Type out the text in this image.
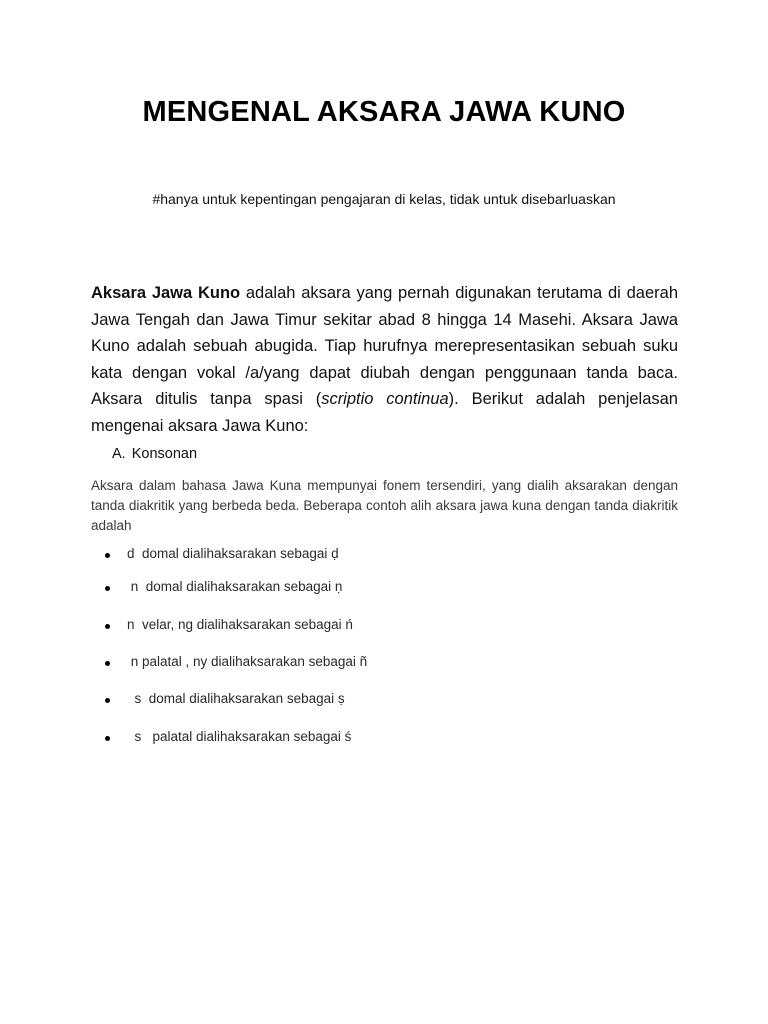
MENGENAL AKSARA JAWA KUNO

#hanya untuk kepentingan pengajaran di kelas, tidak untuk disebarluaskan

Aksara Jawa Kuno adalah aksara yang pernah digunakan terutama di daerah Jawa Tengah dan Jawa Timur sekitar abad 8 hingga 14 Masehi. Aksara Jawa Kuno adalah sebuah abugida. Tiap hurufnya merepresentasikan sebuah suku kata dengan vokal /a/yang dapat diubah dengan penggunaan tanda baca. Aksara ditulis tanpa spasi (scriptio continua). Berikut adalah penjelasan mengenai aksara Jawa Kuno:

A. Konsonan

Aksara dalam bahasa Jawa Kuna mempunyai fonem tersendiri, yang dialih aksarakan dengan tanda diakritik yang berbeda beda. Beberapa contoh alih aksara jawa kuna dengan tanda diakritik adalah

d  domal dialihaksarakan sebagai ḍ
n  domal dialihaksarakan sebagai ṇ
n  velar, ng dialihaksarakan sebagai ń
n palatal , ny dialihaksarakan sebagai ñ
s  domal dialihaksarakan sebagai ṣ
s   palatal dialihaksarakan sebagai ś
